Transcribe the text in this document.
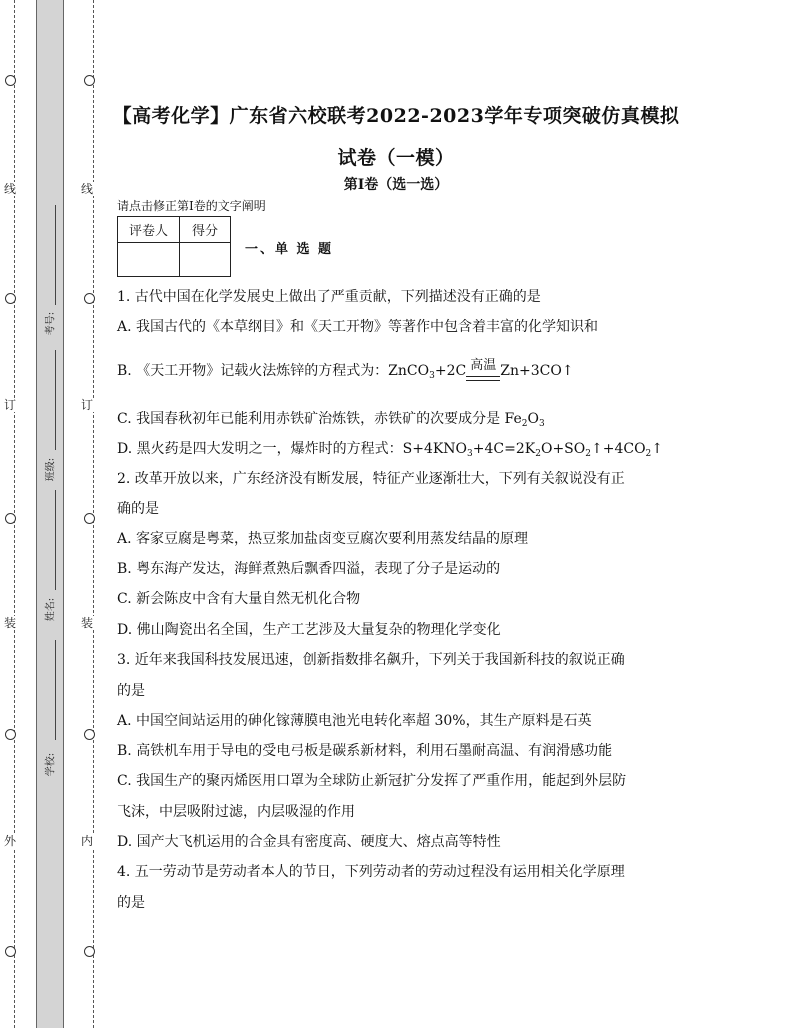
线
订
装
外
线
订
装
内
考号:
班级:
姓名:
学校:
【高考化学】广东省六校联考2022-2023学年专项突破仿真模拟
试卷（一模）
第I卷（选一选）
请点击修正第I卷的文字阐明
评卷人	得分

一、单 选 题
1. 古代中国在化学发展史上做出了严重贡献，下列描述没有正确的是
A. 我国古代的《本草纲目》和《天工开物》等著作中包含着丰富的化学知识和
B. 《天工开物》记载火法炼锌的方程式为：ZnCO$_3$+2C 高温 Zn+3CO↑
C. 我国春秋初年已能利用赤铁矿治炼铁，赤铁矿的次要成分是 $Fe_2O_3$
D. 黑火药是四大发明之一，爆炸时的方程式：$S+4KNO_3+4C=2K_2O+SO_2↑+4CO_2↑$
2. 改革开放以来，广东经济没有断发展，特征产业逐渐壮大，下列有关叙说没有正
确的是
A. 客家豆腐是粤菜，热豆浆加盐卤变豆腐次要利用蒸发结晶的原理
B. 粤东海产发达，海鲜煮熟后飘香四溢，表现了分子是运动的
C. 新会陈皮中含有大量自然无机化合物
D. 佛山陶瓷出名全国，生产工艺涉及大量复杂的物理化学变化
3. 近年来我国科技发展迅速，创新指数排名飙升，下列关于我国新科技的叙说正确
的是
A. 中国空间站运用的砷化镓薄膜电池光电转化率超 30%，其生产原料是石英
B. 高铁机车用于导电的受电弓板是碳系新材料，利用石墨耐高温、有润滑感功能
C. 我国生产的聚丙烯医用口罩为全球防止新冠扩分发挥了严重作用，能起到外层防
飞沫，中层吸附过滤，内层吸湿的作用
D. 国产大飞机运用的合金具有密度高、硬度大、熔点高等特性
4. 五一劳动节是劳动者本人的节日，下列劳动者的劳动过程没有运用相关化学原理
的是
